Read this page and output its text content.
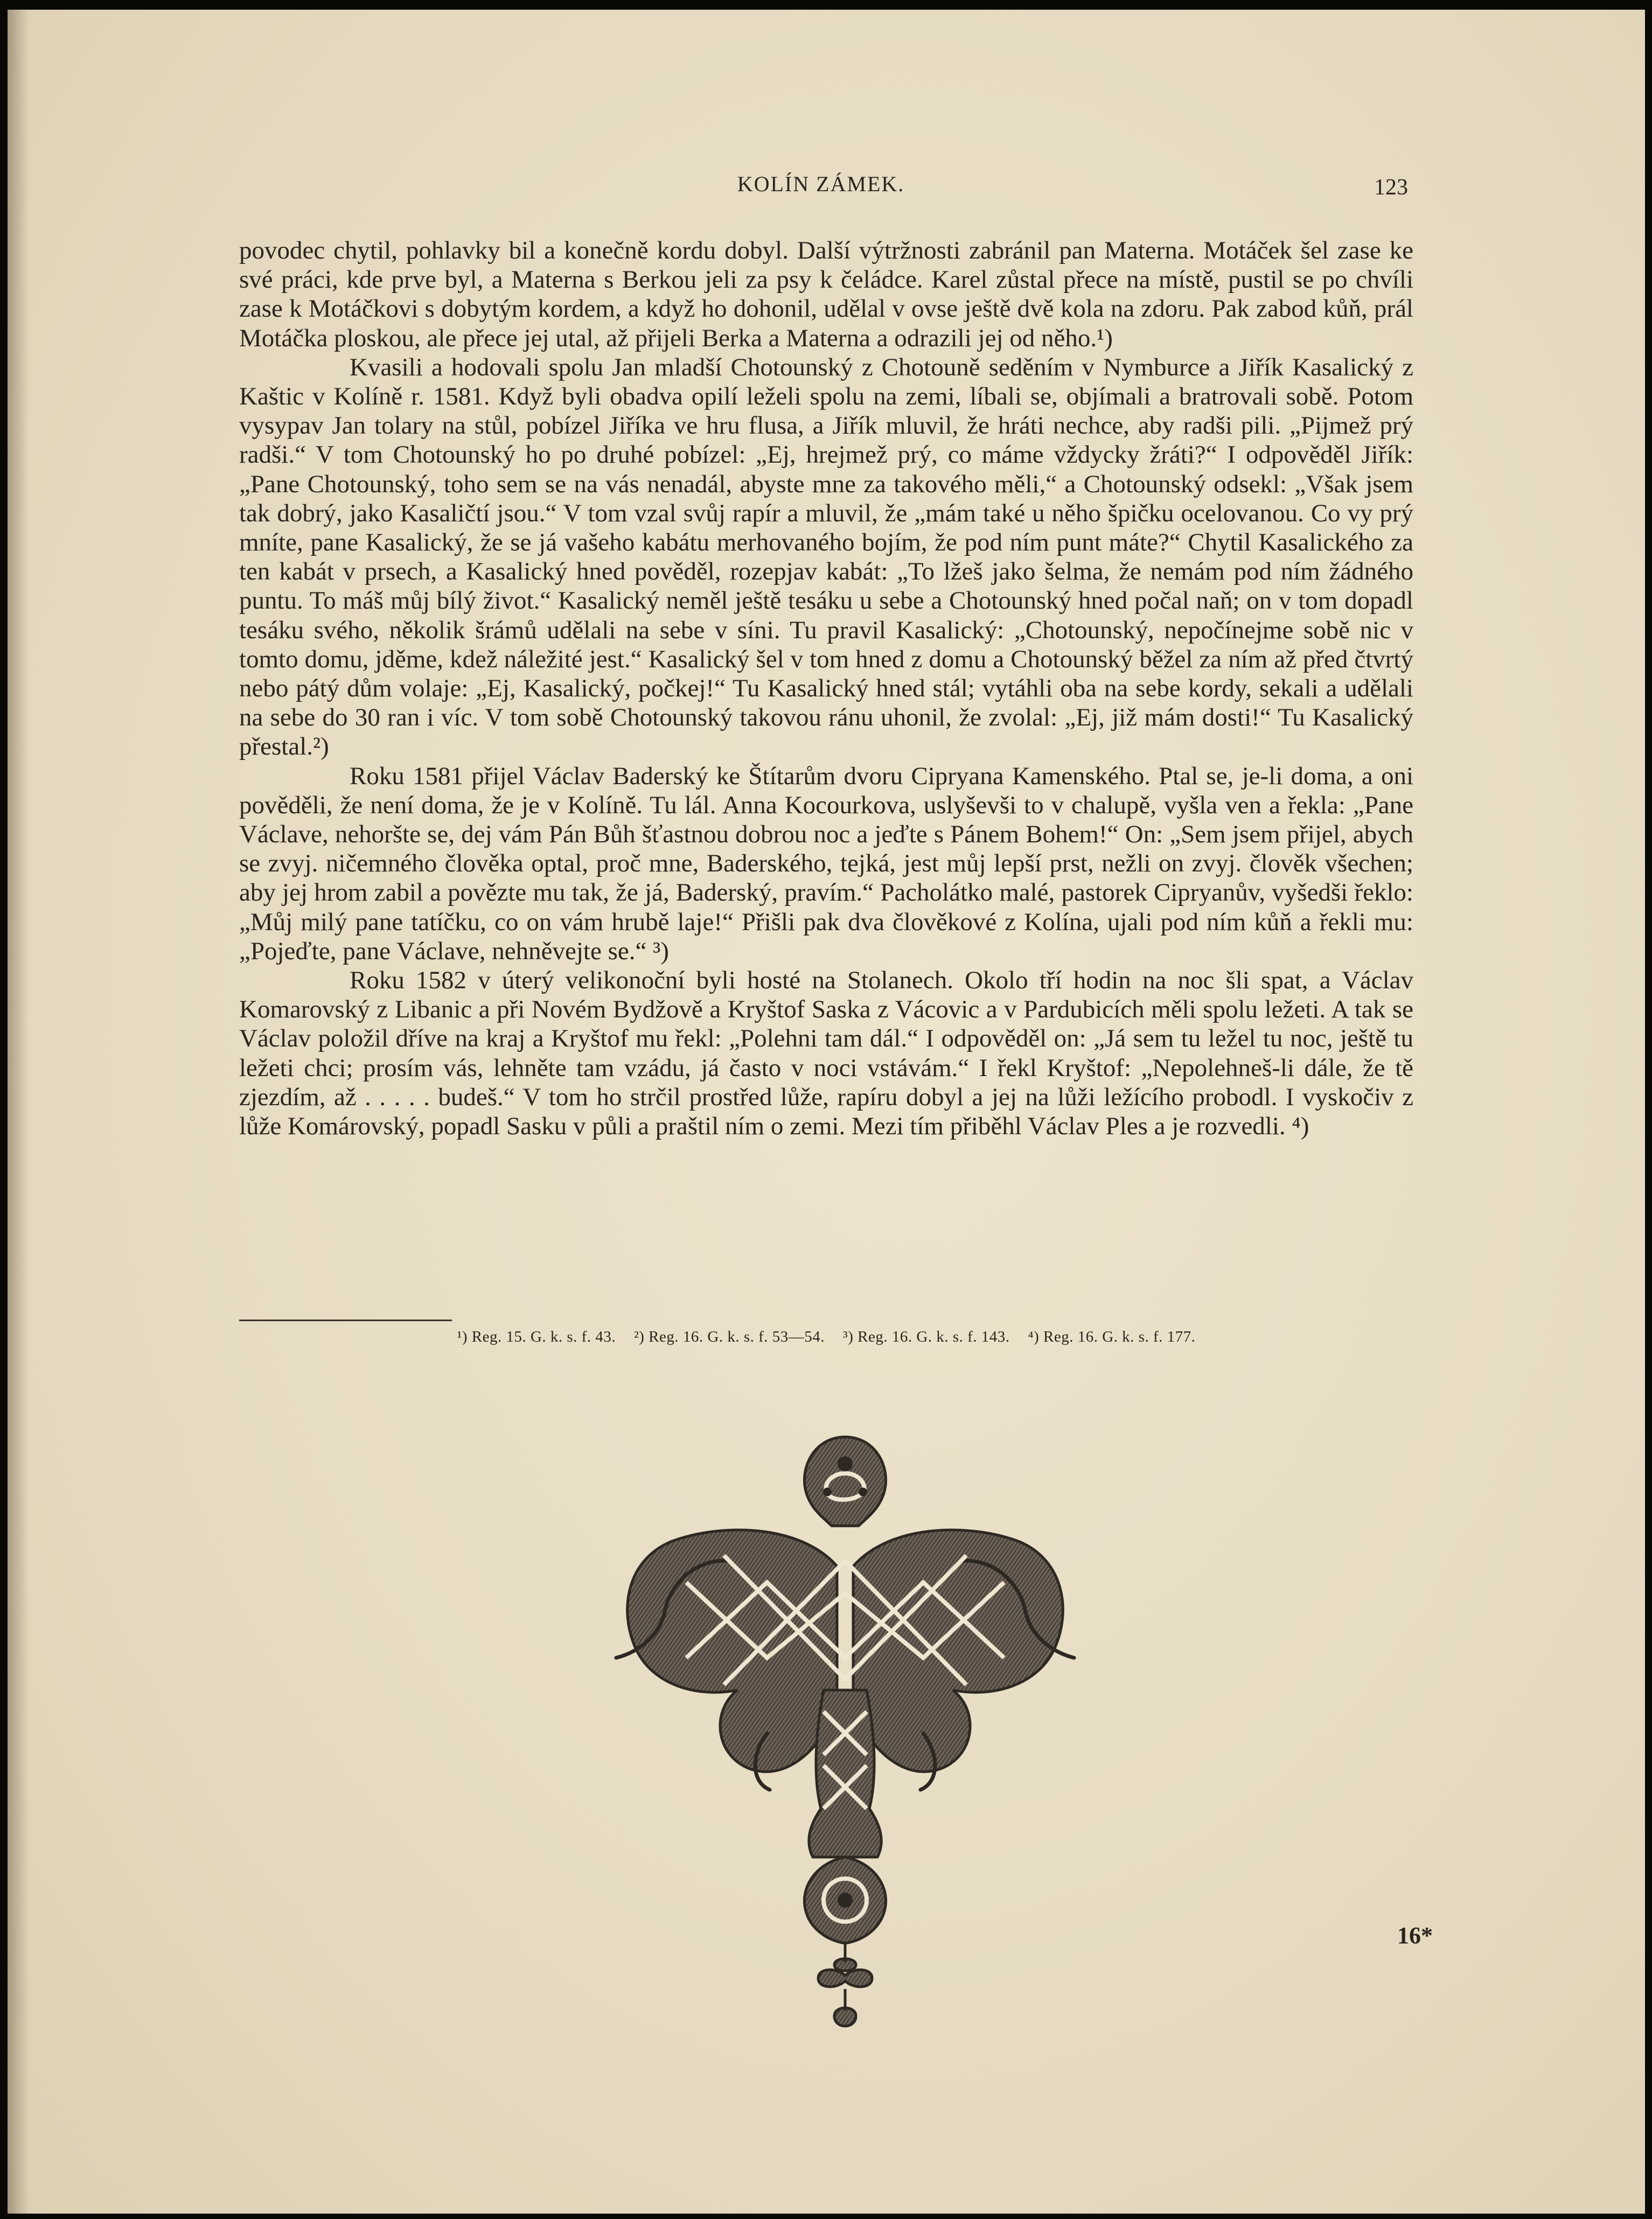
KOLÍN ZÁMEK.	123

povodec chytil, pohlavky bil a konečně kordu dobyl. Další výtržnosti zabránil pan Materna. Motáček šel zase ke své práci, kde prve byl, a Materna s Berkou jeli za psy k čeládce. Karel zůstal přece na místě, pustil se po chvíli zase k Motáčkovi s dobytým kordem, a když ho dohonil, udělal v ovse ještě dvě kola na zdoru. Pak zabod kůň, prál Motáčka ploskou, ale přece jej utal, až přijeli Berka a Materna a odrazili jej od něho.¹)

Kvasili a hodovali spolu Jan mladší Chotounský z Chotouně seděním v Nymburce a Jiřík Kasalický z Kaštic v Kolíně r. 1581. Když byli obadva opilí leželi spolu na zemi, líbali se, objímali a bratrovali sobě. Potom vysypav Jan tolary na stůl, pobízel Jiříka ve hru flusa, a Jiřík mluvil, že hráti nechce, aby radši pili. „Pijmež prý radši.“ V tom Chotounský ho po druhé pobízel: „Ej, hrejmež prý, co máme vždycky žráti?“ I odpověděl Jiřík: „Pane Chotounský, toho sem se na vás nenadál, abyste mne za takového měli,“ a Chotounský odsekl: „Však jsem tak dobrý, jako Kasaličtí jsou.“ V tom vzal svůj rapír a mluvil, že „mám také u něho špičku ocelovanou. Co vy prý mníte, pane Kasalický, že se já vašeho kabátu merhovaného bojím, že pod ním punt máte?“ Chytil Kasalického za ten kabát v prsech, a Kasalický hned pověděl, rozepjav kabát: „To lžeš jako šelma, že nemám pod ním žádného puntu. To máš můj bílý život.“ Kasalický neměl ještě tesáku u sebe a Chotounský hned počal naň; on v tom dopadl tesáku svého, několik šrámů udělali na sebe v síni. Tu pravil Kasalický: „Chotounský, nepočínejme sobě nic v tomto domu, jděme, kdež náležité jest.“ Kasalický šel v tom hned z domu a Chotounský běžel za ním až před čtvrtý nebo pátý dům volaje: „Ej, Kasalický, počkej!“ Tu Kasalický hned stál; vytáhli oba na sebe kordy, sekali a udělali na sebe do 30 ran i víc. V tom sobě Chotounský takovou ránu uhonil, že zvolal: „Ej, již mám dosti!“ Tu Kasalický přestal.²)

Roku 1581 přijel Václav Baderský ke Štítarům dvoru Cipryana Kamenského. Ptal se, je-li doma, a oni pověděli, že není doma, že je v Kolíně. Tu lál. Anna Kocourkova, uslyševši to v chalupě, vyšla ven a řekla: „Pane Václave, nehoršte se, dej vám Pán Bůh šťastnou dobrou noc a jeďte s Pánem Bohem!“ On: „Sem jsem přijel, abych se zvyj. ničemného člověka optal, proč mne, Baderského, tejká, jest můj lepší prst, nežli on zvyj. člověk všechen; aby jej hrom zabil a povězte mu tak, že já, Baderský, pravím.“ Pacholátko malé, pastorek Cipryanův, vyšedši řeklo: „Můj milý pane tatíčku, co on vám hrubě laje!“ Přišli pak dva člověkové z Kolína, ujali pod ním kůň a řekli mu: „Pojeďte, pane Václave, nehněvejte se.“ ³)

Roku 1582 v úterý velikonoční byli hosté na Stolanech. Okolo tří hodin na noc šli spat, a Václav Komarovský z Libanic a při Novém Bydžově a Kryštof Saska z Vácovic a v Pardubicích měli spolu ležeti. A tak se Václav položil dříve na kraj a Kryštof mu řekl: „Polehni tam dál.“ I odpověděl on: „Já sem tu ležel tu noc, ještě tu ležeti chci; prosím vás, lehněte tam vzádu, já často v noci vstávám.“ I řekl Kryštof: „Nepolehneš-li dále, že tě zjezdím, až . . . . . budeš.“ V tom ho strčil prostřed lůže, rapíru dobyl a jej na lůži ležícího probodl. I vyskočiv z lůže Komárovský, popadl Sasku v půli a praštil ním o zemi. Mezi tím přiběhl Václav Ples a je rozvedli. ⁴)

¹) Reg. 15. G. k. s. f. 43. ²) Reg. 16. G. k. s. f. 53—54. ³) Reg. 16. G. k. s. f. 143. ⁴) Reg. 16. G. k. s. f. 177.
16*
